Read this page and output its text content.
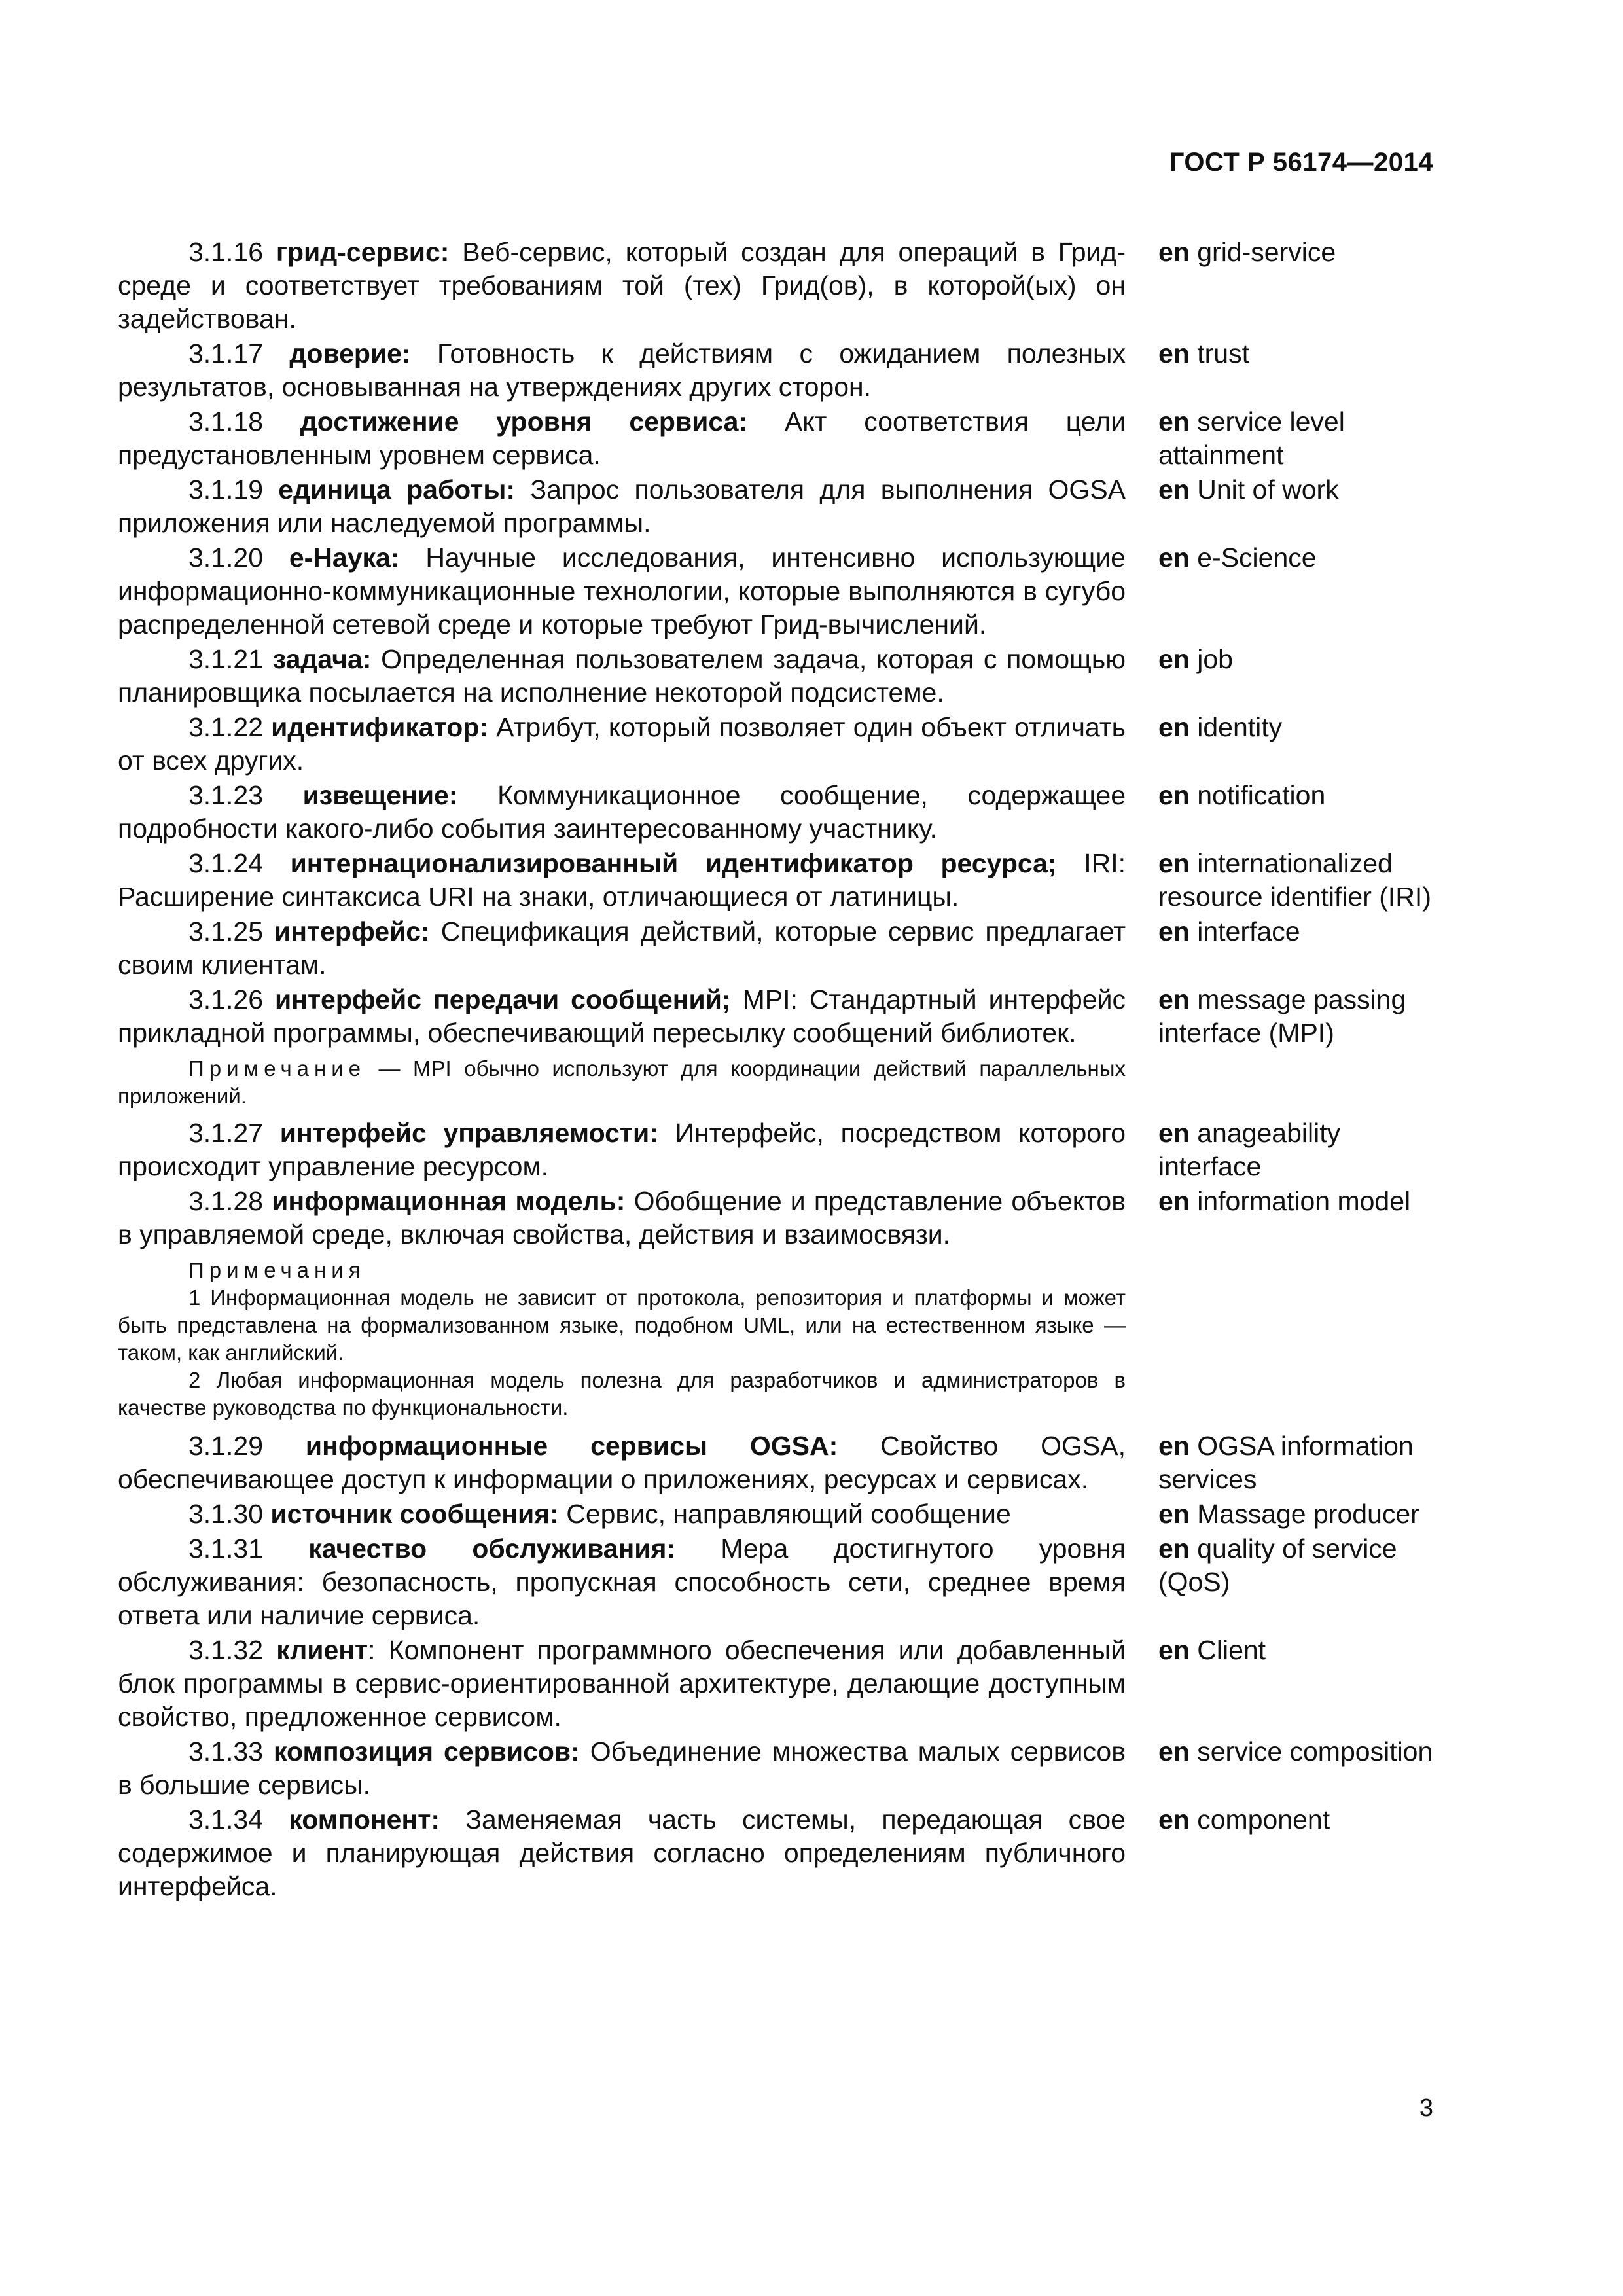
ГОСТ Р 56174—2014
3.1.16 грид-сервис: Веб-сервис, который создан для операций в Грид-среде и соответствует требованиям той (тех) Грид(ов), в которой(ых) он задействован.
en grid-service
3.1.17 доверие: Готовность к действиям с ожиданием полезных результатов, основыванная на утверждениях других сторон.
en trust
3.1.18 достижение уровня сервиса: Акт соответствия цели предустановленным уровнем сервиса.
en service level attainment
3.1.19 единица работы: Запрос пользователя для выполнения OGSA приложения или наследуемой программы.
en Unit of work
3.1.20 e-Наука: Научные исследования, интенсивно использующие информационно-коммуникационные технологии, которые выполняются в сугубо распределенной сетевой среде и которые требуют Грид-вычислений.
en e-Science
3.1.21 задача: Определенная пользователем задача, которая с помощью планировщика посылается на исполнение некоторой подсистеме.
en job
3.1.22 идентификатор: Атрибут, который позволяет один объект отличать от всех других.
en identity
3.1.23 извещение: Коммуникационное сообщение, содержащее подробности какого-либо события заинтересованному участнику.
en notification
3.1.24 интернационализированный идентификатор ресурса; IRI: Расширение синтаксиса URI на знаки, отличающиеся от латиницы.
en internationalized resource identifier (IRI)
3.1.25 интерфейс: Спецификация действий, которые сервис предлагает своим клиентам.
en interface
3.1.26 интерфейс передачи сообщений; MPI: Стандартный интерфейс прикладной программы, обеспечивающий пересылку сообщений библиотек.
en message passing interface (MPI)

Примечание — MPI обычно используют для координации действий параллельных приложений.

3.1.27 интерфейс управляемости: Интерфейс, посредством которого происходит управление ресурсом.
en anageability interface
3.1.28 информационная модель: Обобщение и представление объектов в управляемой среде, включая свойства, действия и взаимосвязи.
en information model

Примечания

1 Информационная модель не зависит от протокола, репозитория и платформы и может быть представлена на формализованном языке, подобном UML, или на естественном языке — таком, как английский.

2 Любая информационная модель полезна для разработчиков и администраторов в качестве руководства по функциональности.

3.1.29 информационные сервисы OGSA: Свойство OGSA, обеспечивающее доступ к информации о приложениях, ресурсах и сервисах.
en OGSA information services
3.1.30 источник сообщения: Сервис, направляющий сообщение	en Massage producer
3.1.31 качество обслуживания: Мера достигнутого уровня обслуживания: безопасность, пропускная способность сети, среднее время ответа или наличие сервиса.
en quality of service (QoS)
3.1.32 клиент: Компонент программного обеспечения или добавленный блок программы в сервис-ориентированной архитектуре, делающие доступным свойство, предложенное сервисом.
en Client
3.1.33 композиция сервисов: Объединение множества малых сервисов в большие сервисы.
en service composition
3.1.34 компонент: Заменяемая часть системы, передающая свое содержимое и планирующая действия согласно определениям публичного интерфейса.
en component
3
